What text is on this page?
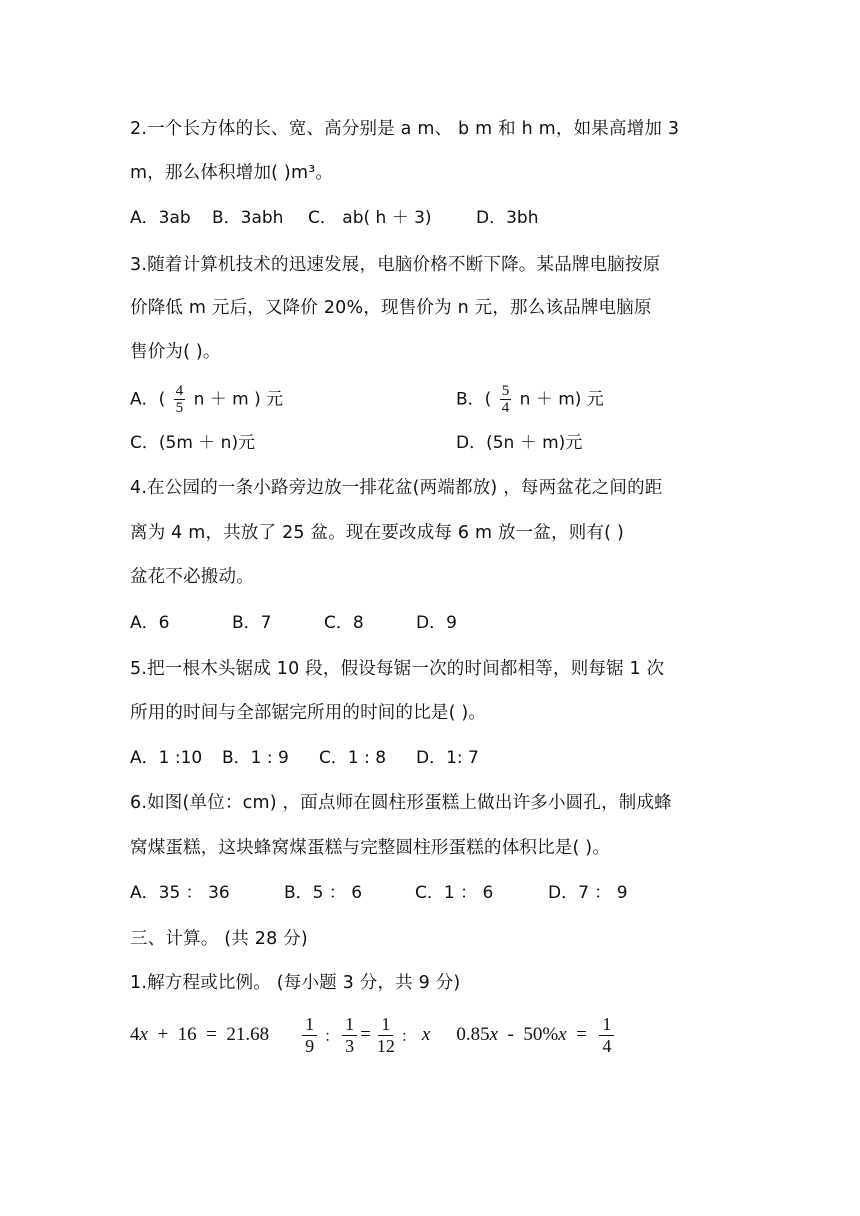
2.一个长方体的长、宽、高分别是 a m、 b m 和 h m，如果高增加 3
m，那么体积增加( )m³。
A．3ab B．3abh C． ab( h ＋ 3)	D．3bh
3.随着计算机技术的迅速发展，电脑价格不断下降。某品牌电脑按原
价降低 m 元后，又降价 20%，现售价为 n 元，那么该品牌电脑原
售价为( )。
A．( $\frac{4}{5}$ n ＋ m ) 元	B．( $\frac{5}{4}$ n ＋ m) 元
C．(5m ＋ n)元	D．(5n ＋ m)元
4.在公园的一条小路旁边放一排花盆(两端都放) ，每两盆花之间的距
离为 4 m，共放了 25 盆。现在要改成每 6 m 放一盆，则有( )
盆花不必搬动。
A．6	B．7	C．8	D．9
5.把一根木头锯成 10 段，假设每锯一次的时间都相等，则每锯 1 次
所用的时间与全部锯完所用的时间的比是( )。
A．1 :10 B．1 : 9 C．1 : 8 D．1: 7
6.如图(单位：cm) ，面点师在圆柱形蛋糕上做出许多小圆孔，制成蜂
窝煤蛋糕，这块蜂窝煤蛋糕与完整圆柱形蛋糕的体积比是( )。
A．35 ： 36	B．5 ： 6	C．1 ： 6	D．7 ： 9
三、计算。 (共 28 分)
1.解方程或比例。 (每小题 3 分，共 9 分)
$4x + 16 = 21.68 \frac{1}{9}$ ： $\frac{1}{3} = \frac{1}{12}$ ： x 0.85 x -  50% $x = \frac{1}{4}$
